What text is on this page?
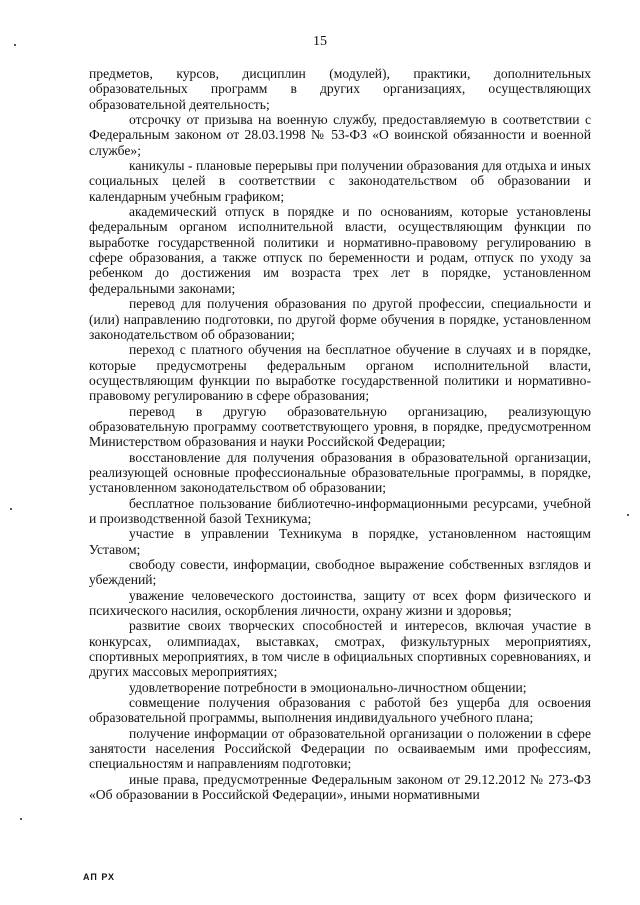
15

предметов, курсов, дисциплин (модулей), практики, дополнительных образовательных программ в других организациях, осуществляющих образовательной деятельность;

отсрочку от призыва на военную службу, предоставляемую в соответствии с Федеральным законом от 28.03.1998 № 53-ФЗ «О воинской обязанности и военной службе»;

каникулы - плановые перерывы при получении образования для отдыха и иных социальных целей в соответствии с законодательством об образовании и календарным учебным графиком;

академический отпуск в порядке и по основаниям, которые установлены федеральным органом исполнительной власти, осуществляющим функции по выработке государственной политики и нормативно-правовому регулированию в сфере образования, а также отпуск по беременности и родам, отпуск по уходу за ребенком до достижения им возраста трех лет в порядке, установленном федеральными законами;

перевод для получения образования по другой профессии, специальности и (или) направлению подготовки, по другой форме обучения в порядке, установленном законодательством об образовании;

переход с платного обучения на бесплатное обучение в случаях и в порядке, которые предусмотрены федеральным органом исполнительной власти, осуществляющим функции по выработке государственной политики и нормативно-правовому регулированию в сфере образования;

перевод в другую образовательную организацию, реализующую образовательную программу соответствующего уровня, в порядке, предусмотренном Министерством образования и науки Российской Федерации;

восстановление для получения образования в образовательной организации, реализующей основные профессиональные образовательные программы, в порядке, установленном законодательством об образовании;

бесплатное пользование библиотечно-информационными ресурсами, учебной и производственной базой Техникума;

участие в управлении Техникума в порядке, установленном настоящим Уставом;

свободу совести, информации, свободное выражение собственных взглядов и убеждений;

уважение человеческого достоинства, защиту от всех форм физического и психического насилия, оскорбления личности, охрану жизни и здоровья;

развитие своих творческих способностей и интересов, включая участие в конкурсах, олимпиадах, выставках, смотрах, физкультурных мероприятиях, спортивных мероприятиях, в том числе в официальных спортивных соревнованиях, и других массовых мероприятиях;

удовлетворение потребности в эмоционально-личностном общении;

совмещение получения образования с работой без ущерба для освоения образовательной программы, выполнения индивидуального учебного плана;

получение информации от образовательной организации о положении в сфере занятости населения Российской Федерации по осваиваемым ими профессиям, специальностям и направлениям подготовки;

иные права, предусмотренные Федеральным законом от 29.12.2012 № 273-ФЗ «Об образовании в Российской Федерации», иными нормативными

АП РХ
